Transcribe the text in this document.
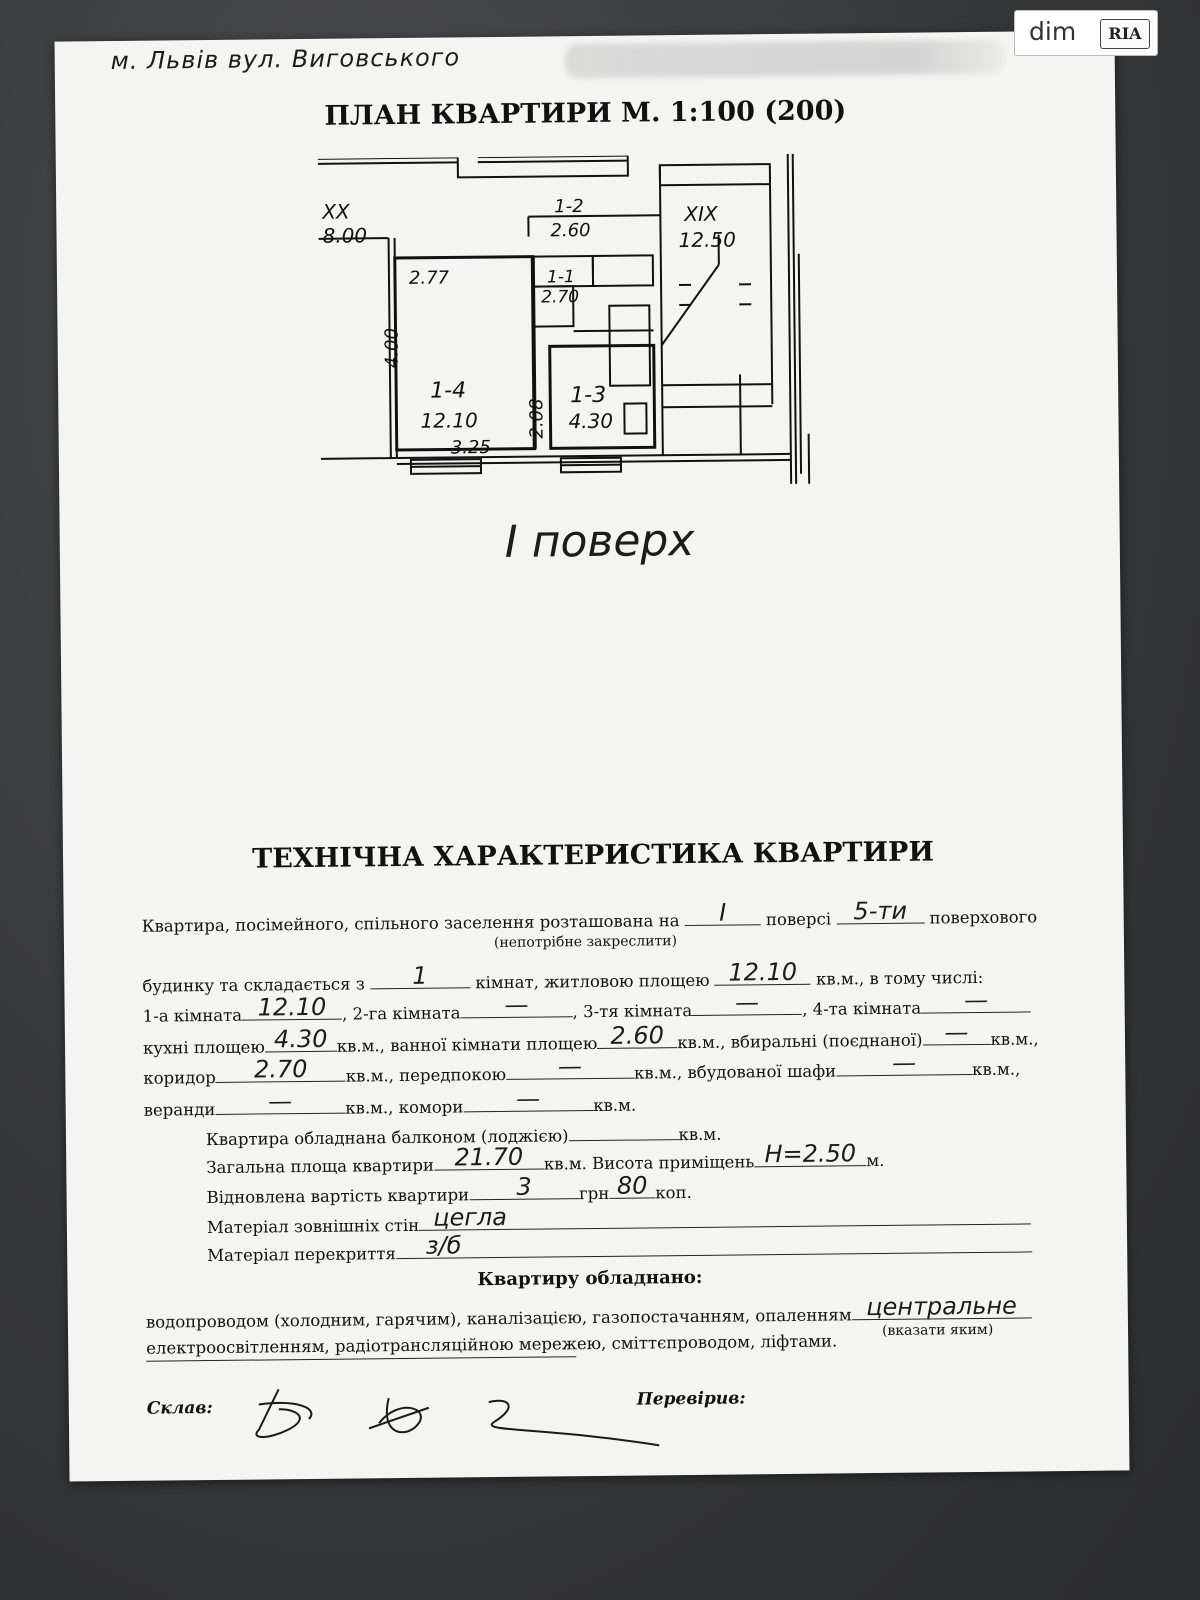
м. Львів вул. Виговського
ПЛАН КВАРТИРИ М. 1:100 (200)
XX
8.00
1-2
2.60
XIX
12.50
2.77	1-1
2.70
4.00
1-4
12.10	2.08
1-3
4.30
3.25
I поверх
ТЕХНІЧНА ХАРАКТЕРИСТИКА КВАРТИРИ
Квартира, посімейного, спільного заселення розташована на	I	поверсі 5-ти	поверхового
(непотрібне закреслити)
будинку та складається з	1	кімнат, житловою площею 12.10	кв.м., в тому числі:
1-а кімната 12.10 , 2-га кімната	—	, 3-тя кімната	—	, 4-та кімната	—
кухні площею 4.30 кв.м., ванної кімнати площею 2.60 кв.м., вбиральні (поєднаної) —	кв.м.,
коридор	2.70	кв.м., передпокою	—	кв.м., вбудованої шафи	—	кв.м.,
веранди	—	кв.м., комори	—	кв.м.
Квартира обладнана балконом (лоджією)	кв.м.
Загальна площа квартири 21.70	кв.м. Висота приміщень H=2.50 м.
Відновлена вартість квартири	3	грн 80 коп.
Матеріал зовнішніх стін цегла
Матеріал перекриття	з/б
Квартиру обладнано:
водопроводом (холодним, гарячим), каналізацією, газопостачанням, опаленням центральне
(вказати яким)
електроосвітленням, радіотрансляційною мережею, сміттєпроводом, ліфтами.
Склав:	Перевірив:
dim	RIA
